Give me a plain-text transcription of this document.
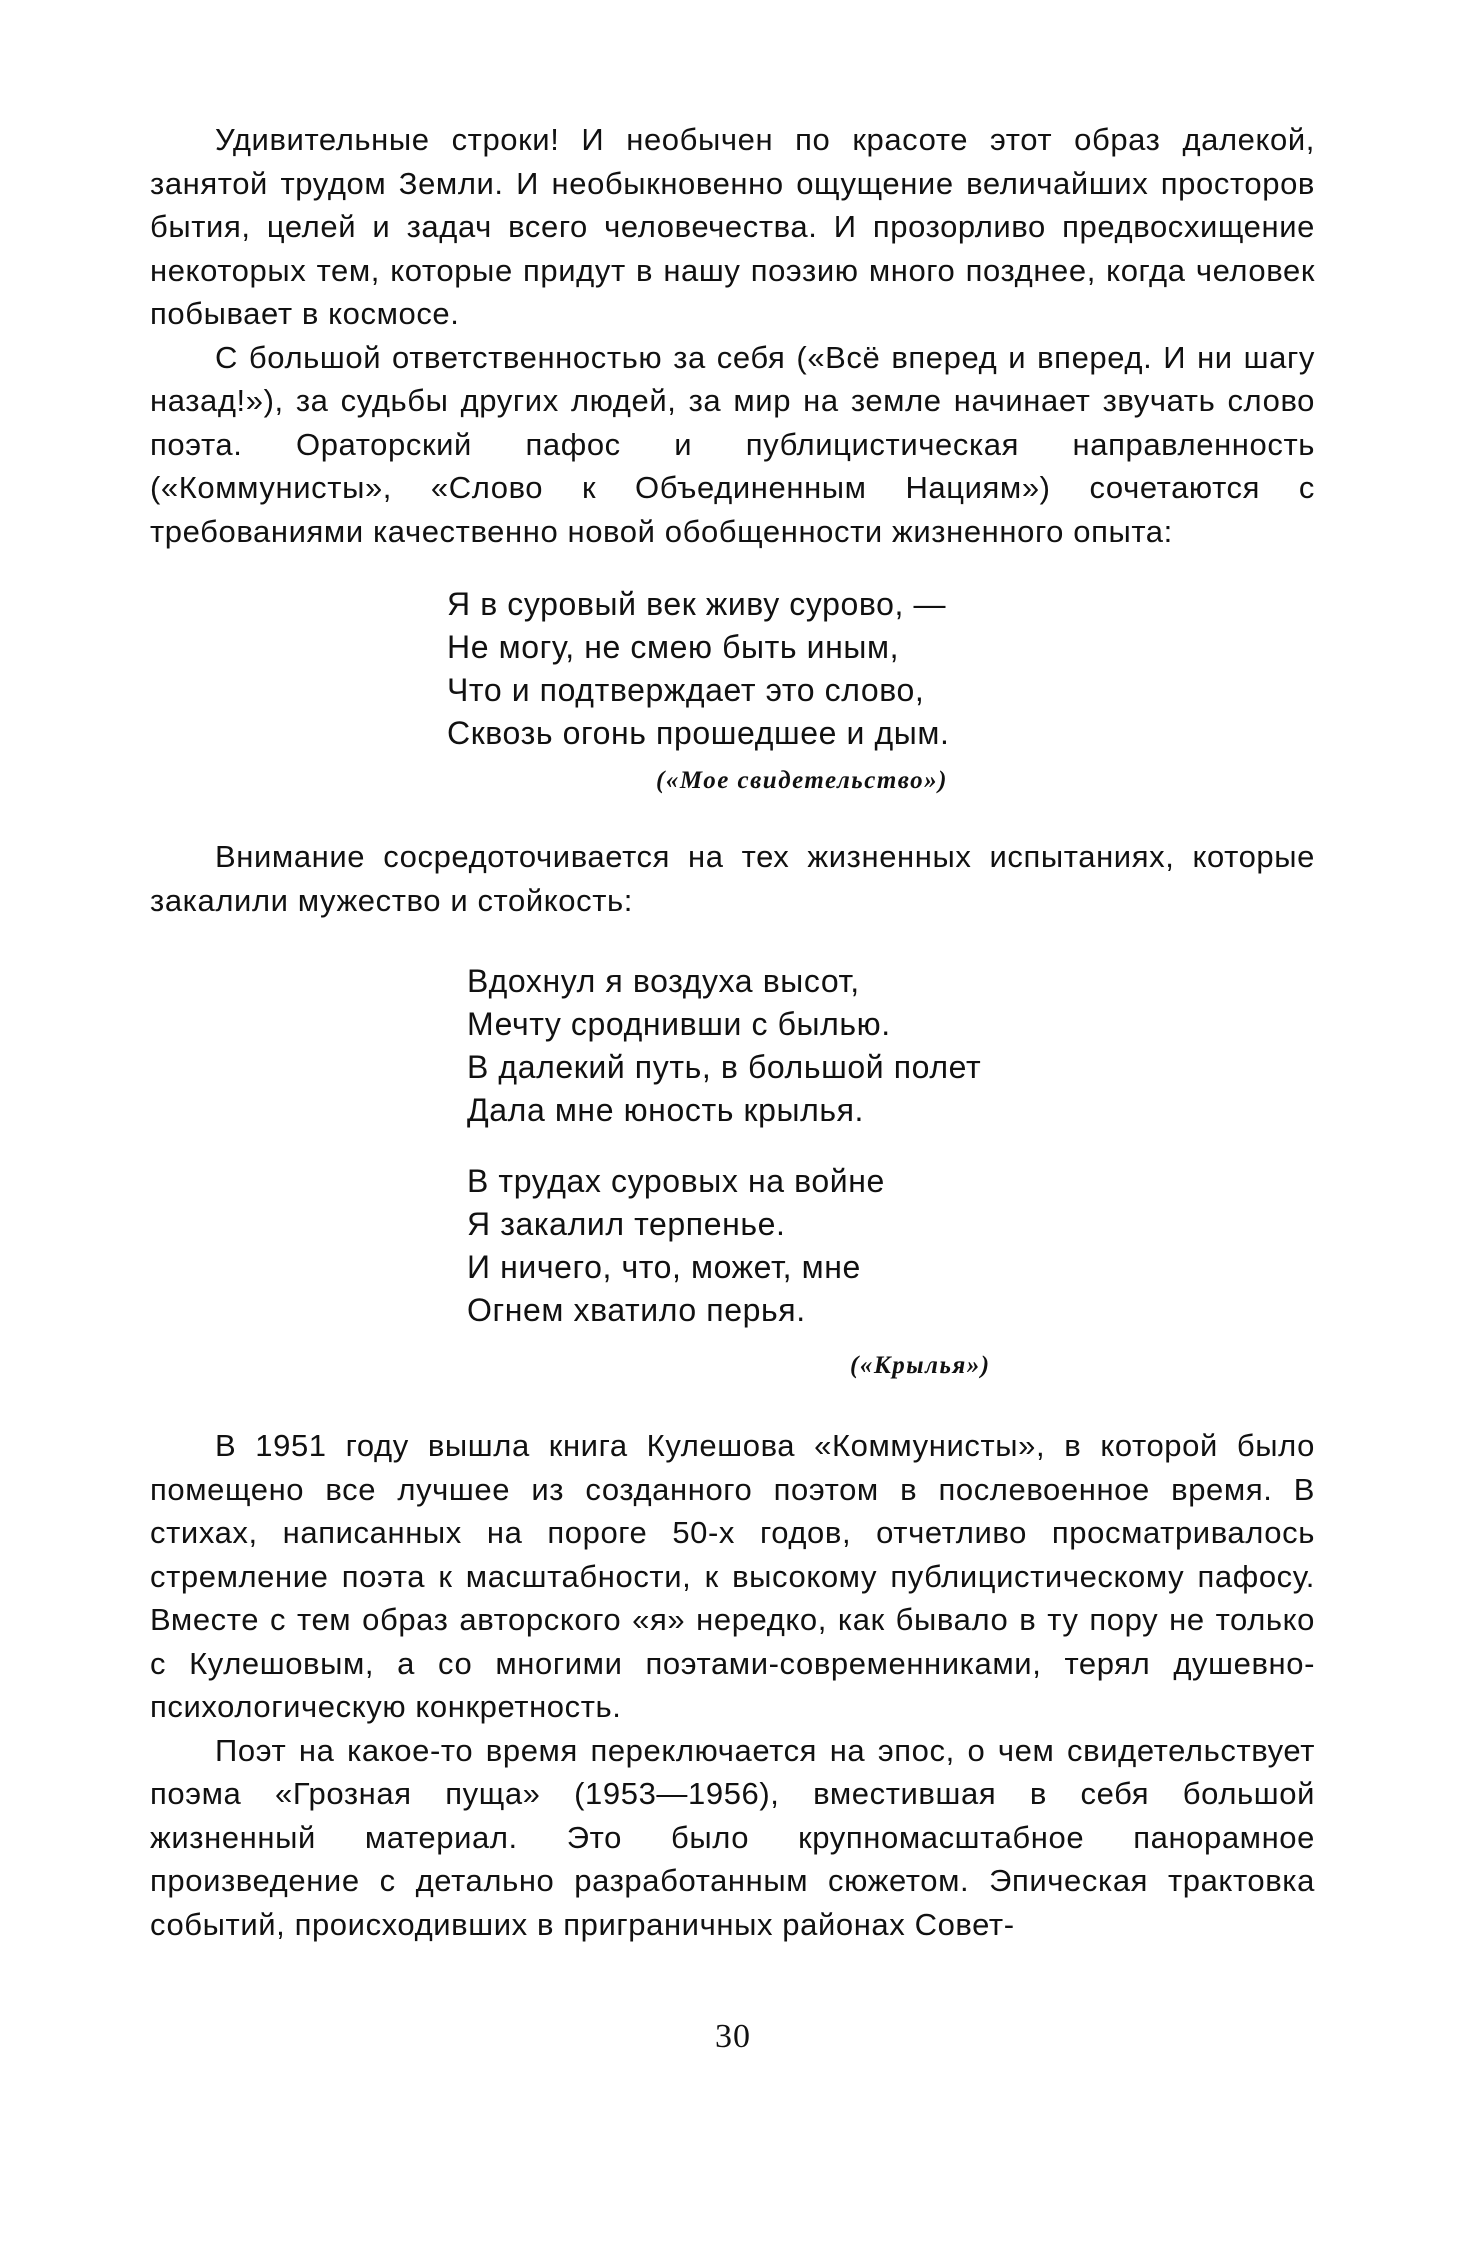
Удивительные строки! И необычен по красоте этот образ далекой, занятой трудом Земли. И необыкновенно ощущение величайших просторов бытия, целей и задач всего человечества. И прозорливо предвосхищение некоторых тем, которые придут в нашу поэзию много позднее, когда человек побывает в космосе.

С большой ответственностью за себя («Всё вперед и вперед. И ни шагу назад!»), за судьбы других людей, за мир на земле начинает звучать слово поэта. Ораторский пафос и публицистическая направленность («Коммунисты», «Слово к Объединенным Нациям») сочетаются с требованиями качественно новой обобщенности жизненного опыта:

Я в суровый век живу сурово, —
Не могу, не смею быть иным,
Что и подтверждает это слово,
Сквозь огонь прошедшее и дым.
(«Мое свидетельство»)

Внимание сосредоточивается на тех жизненных испытаниях, которые закалили мужество и стойкость:

Вдохнул я воздуха высот,
Мечту сроднивши с былью.
В далекий путь, в большой полет
Дала мне юность крылья.
В трудах суровых на войне
Я закалил терпенье.
И ничего, что, может, мне
Огнем хватило перья.
(«Крылья»)

В 1951 году вышла книга Кулешова «Коммунисты», в которой было помещено все лучшее из созданного поэтом в послевоенное время. В стихах, написанных на пороге 50-х годов, отчетливо просматривалось стремление поэта к масштабности, к высокому публицистическому пафосу. Вместе с тем образ авторского «я» нередко, как бывало в ту пору не только с Кулешовым, а со многими поэтами-современниками, терял душевно-психологическую конкретность.

Поэт на какое-то время переключается на эпос, о чем свидетельствует поэма «Грозная пуща» (1953—1956), вместившая в себя большой жизненный материал. Это было крупномасштабное панорамное произведение с детально разработанным сюжетом. Эпическая трактовка событий, происходивших в приграничных районах Совет-

30
